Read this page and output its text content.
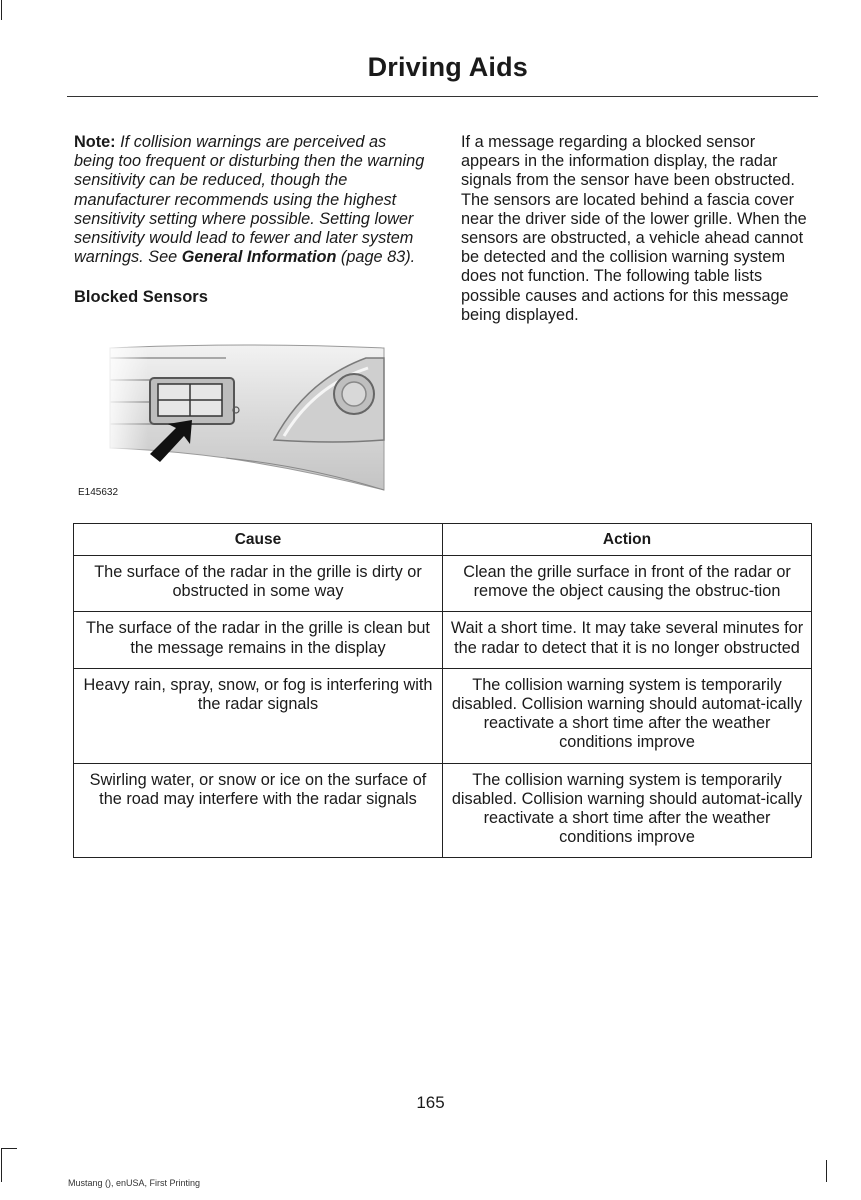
Driving Aids

Note: If collision warnings are perceived as being too frequent or disturbing then the warning sensitivity can be reduced, though the manufacturer recommends using the highest sensitivity setting where possible. Setting lower sensitivity would lead to fewer and later system warnings. See General Information (page 83).

Blocked Sensors
E145632

If a message regarding a blocked sensor appears in the information display, the radar signals from the sensor have been obstructed. The sensors are located behind a fascia cover near the driver side of the lower grille. When the sensors are obstructed, a vehicle ahead cannot be detected and the collision warning system does not function. The following table lists possible causes and actions for this message being displayed.

Cause	Action
The surface of the radar in the grille is dirty or obstructed in some way	Clean the grille surface in front of the radar or remove the object causing the obstruc-tion
The surface of the radar in the grille is clean but the message remains in the display	Wait a short time. It may take several minutes for the radar to detect that it is no longer obstructed
Heavy rain, spray, snow, or fog is interfering with the radar signals	The collision warning system is temporarily disabled. Collision warning should automat-ically reactivate a short time after the weather conditions improve
Swirling water, or snow or ice on the surface of the road may interfere with the radar signals	The collision warning system is temporarily disabled. Collision warning should automat-ically reactivate a short time after the weather conditions improve
165
Mustang (), enUSA, First Printing
